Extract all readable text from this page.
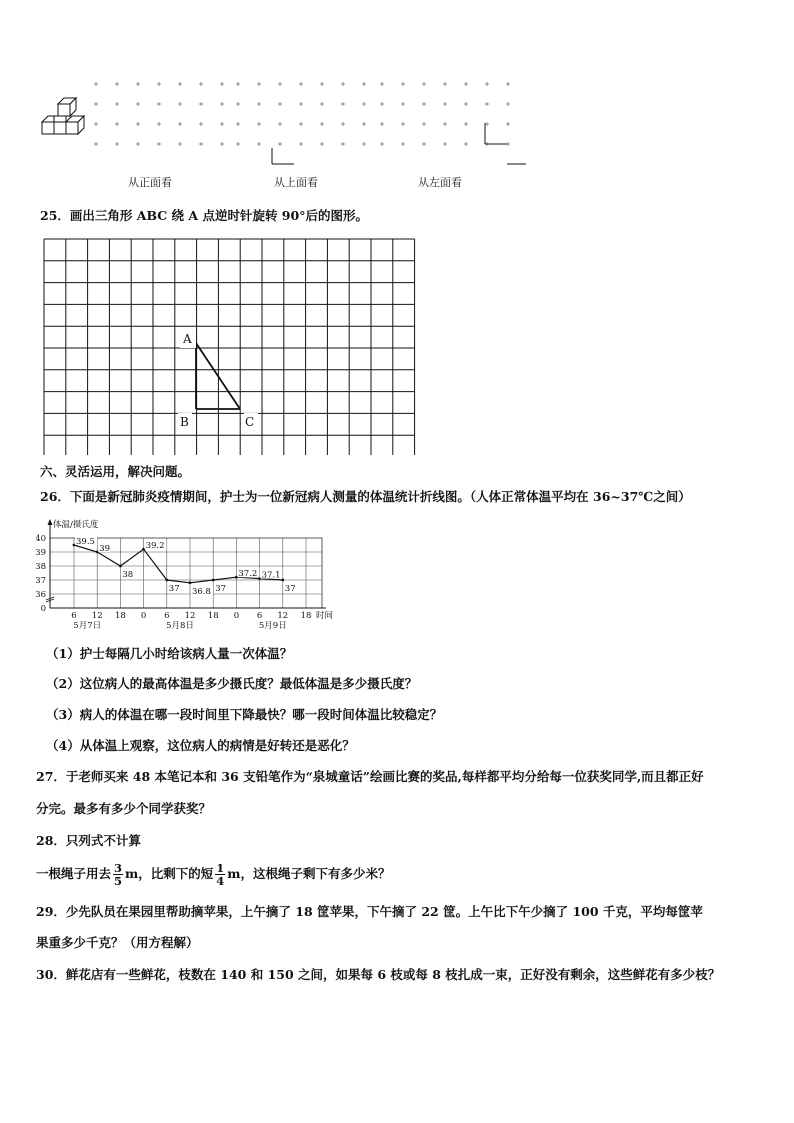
从正面看	从上面看	从左面看
25．画出三角形 ABC 绕 A 点逆时针旋转 90°后的图形。
A
B	C
六、灵活运用，解决问题。
26．下面是新冠肺炎疫情期间，护士为一位新冠病人测量的体温统计折线图。（人体正常体温平均在 36~37℃之间）
体温/摄氏度
0
36
37
38
39
40
6 12 18 0 6 12 18 0 6 12 18 时间
5月7日	5月8日	5月9日
39.5
39
38
39.2
37 36.8 37
37.2 37.1
37
（1）护士每隔几小时给该病人量一次体温？
（2）这位病人的最高体温是多少摄氏度？最低体温是多少摄氏度？
（3）病人的体温在哪一段时间里下降最快？哪一段时间体温比较稳定？
（4）从体温上观察，这位病人的病情是好转还是恶化？
27．于老师买来 48 本笔记本和 36 支铅笔作为“泉城童话”绘画比赛的奖品,每样都平均分给每一位获奖同学,而且都正好
分完。最多有多少个同学获奖？
28．只列式不计算
一根绳子用去 $\frac{3}{5}$ m，比剩下的短 $\frac{1}{4}$ m，这根绳子剩下有多少米？
29．少先队员在果园里帮助摘苹果，上午摘了 18 筐苹果，下午摘了 22 筐。上午比下午少摘了 100 千克，平均每筐苹
果重多少千克？（用方程解）
30．鲜花店有一些鲜花，枝数在 140 和 150 之间，如果每 6 枝或每 8 枝扎成一束，正好没有剩余，这些鲜花有多少枝？
